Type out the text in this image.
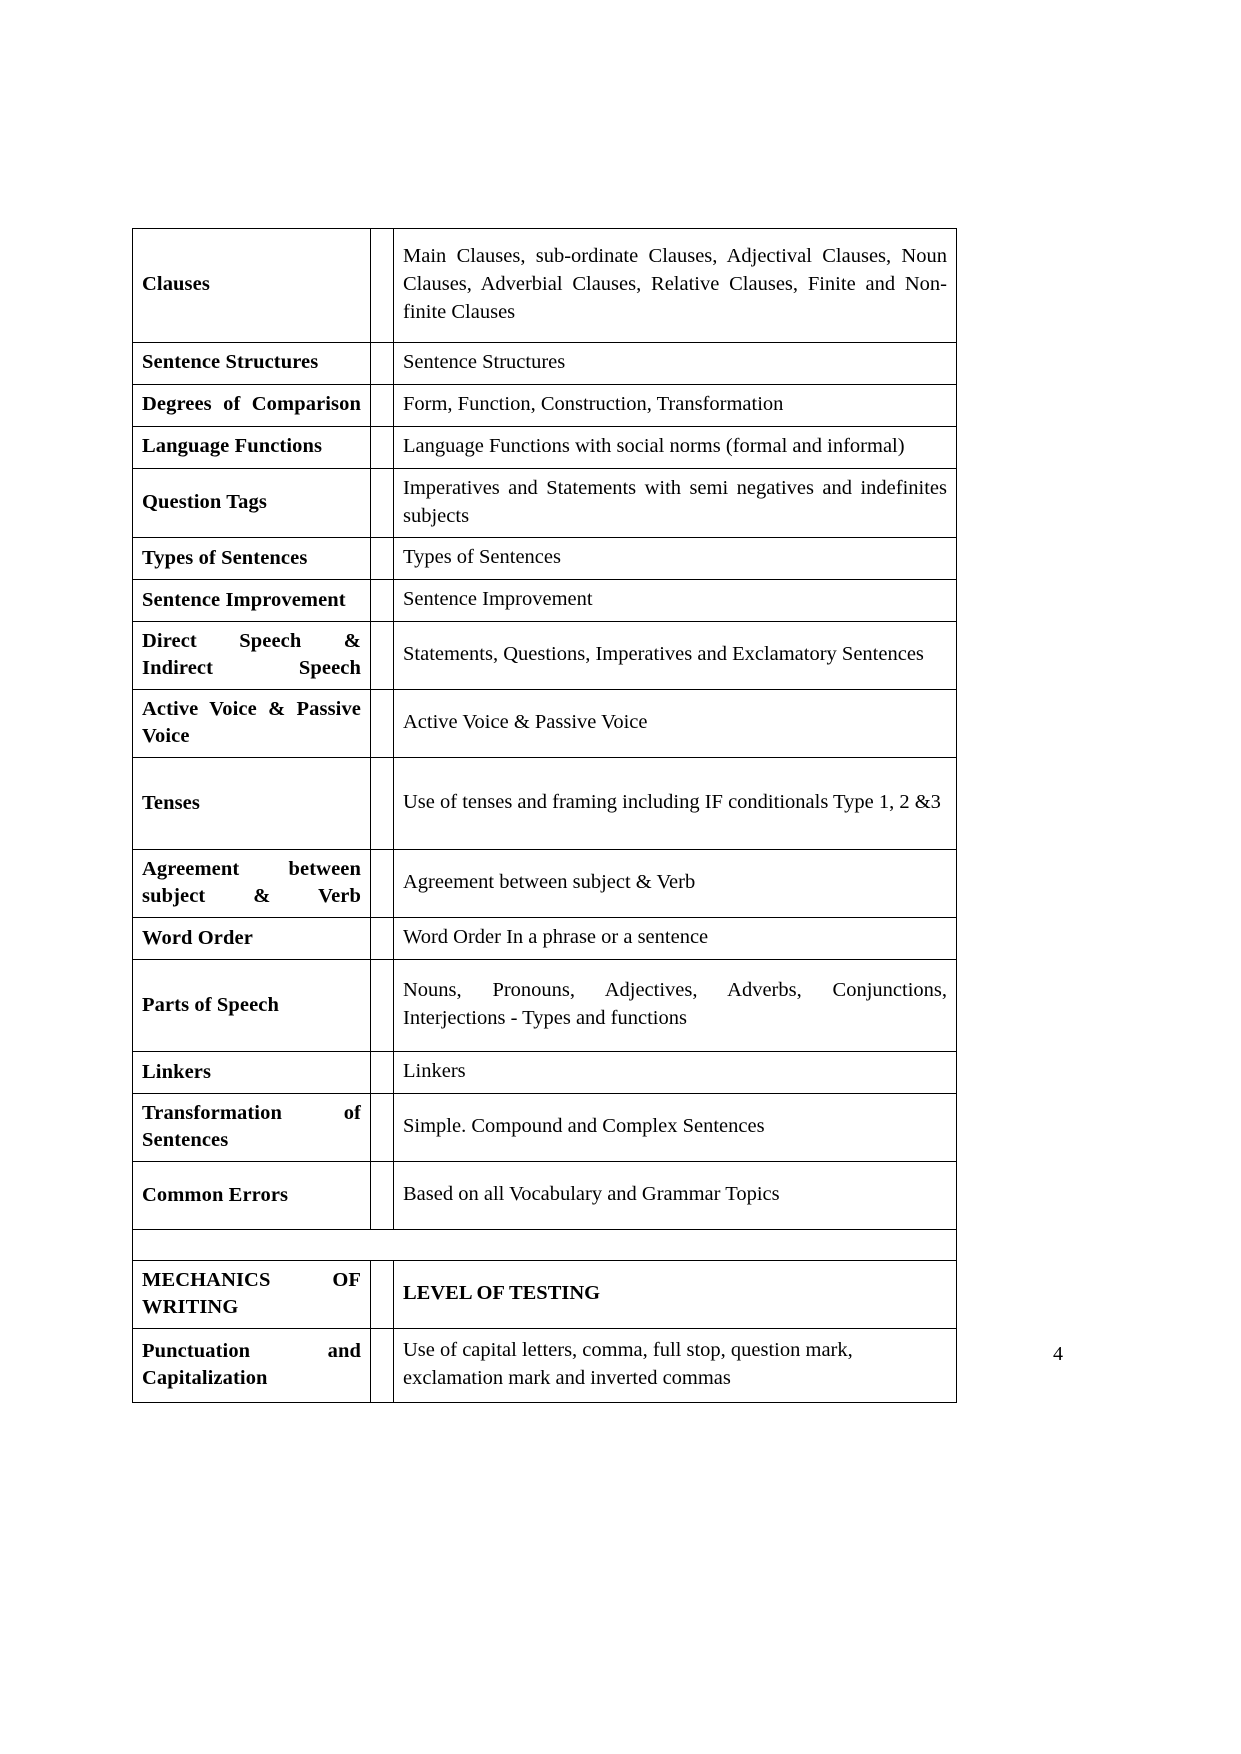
Clauses		Main Clauses, sub-ordinate Clauses, Adjectival Clauses, Noun Clauses, Adverbial Clauses, Relative Clauses, Finite and Non-finite Clauses
Sentence Structures		Sentence Structures
Degrees of Comparison		Form, Function, Construction, Transformation
Language Functions		Language Functions with social norms (formal and informal)
Question Tags		Imperatives and Statements with semi negatives and indefinites subjects
Types of Sentences		Types of Sentences
Sentence Improvement		Sentence Improvement
Direct Speech & Indirect Speech		Statements, Questions, Imperatives and Exclamatory Sentences
Active Voice & Passive Voice		Active Voice & Passive Voice
Tenses		Use of tenses and framing including IF conditionals Type 1, 2 &3
Agreement between subject & Verb		Agreement between subject & Verb
Word Order		Word Order In a phrase or a sentence
Parts of Speech		Nouns, Pronouns, Adjectives, Adverbs, Conjunctions, Interjections - Types and functions
Linkers		Linkers
Transformation of Sentences		Simple. Compound and Complex Sentences
Common Errors		Based on all Vocabulary and Grammar Topics

MECHANICS OF WRITING		LEVEL OF TESTING
Punctuation and Capitalization		Use of capital letters, comma, full stop, question mark, exclamation mark and inverted commas
4
